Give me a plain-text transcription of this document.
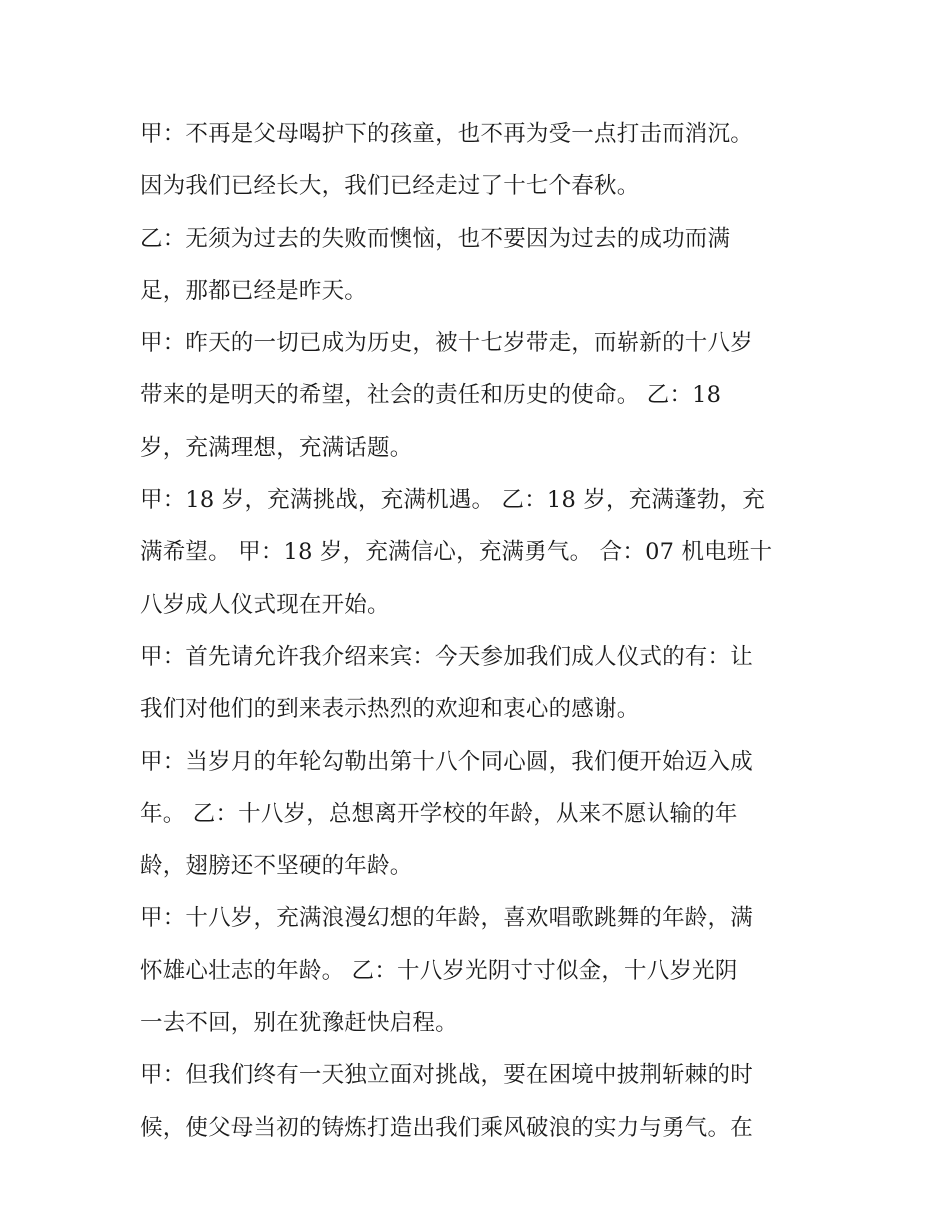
甲：不再是父母喝护下的孩童，也不再为受一点打击而消沉。
因为我们已经长大，我们已经走过了十七个春秋。
乙：无须为过去的失败而懊恼，也不要因为过去的成功而满
足，那都已经是昨天。
甲：昨天的一切已成为历史，被十七岁带走，而崭新的十八岁
带来的是明天的希望，社会的责任和历史的使命。 乙：18
岁，充满理想，充满话题。
甲：18 岁，充满挑战，充满机遇。 乙：18 岁，充满蓬勃，充
满希望。 甲：18 岁，充满信心，充满勇气。 合：07 机电班十
八岁成人仪式现在开始。
甲：首先请允许我介绍来宾：今天参加我们成人仪式的有：让
我们对他们的到来表示热烈的欢迎和衷心的感谢。
甲：当岁月的年轮勾勒出第十八个同心圆，我们便开始迈入成
年。 乙：十八岁，总想离开学校的年龄，从来不愿认输的年
龄，翅膀还不坚硬的年龄。
甲：十八岁，充满浪漫幻想的年龄，喜欢唱歌跳舞的年龄，满
怀雄心壮志的年龄。 乙：十八岁光阴寸寸似金，十八岁光阴
一去不回，别在犹豫赶快启程。
甲：但我们终有一天独立面对挑战，要在困境中披荆斩棘的时
候，使父母当初的铸炼打造出我们乘风破浪的实力与勇气。在
